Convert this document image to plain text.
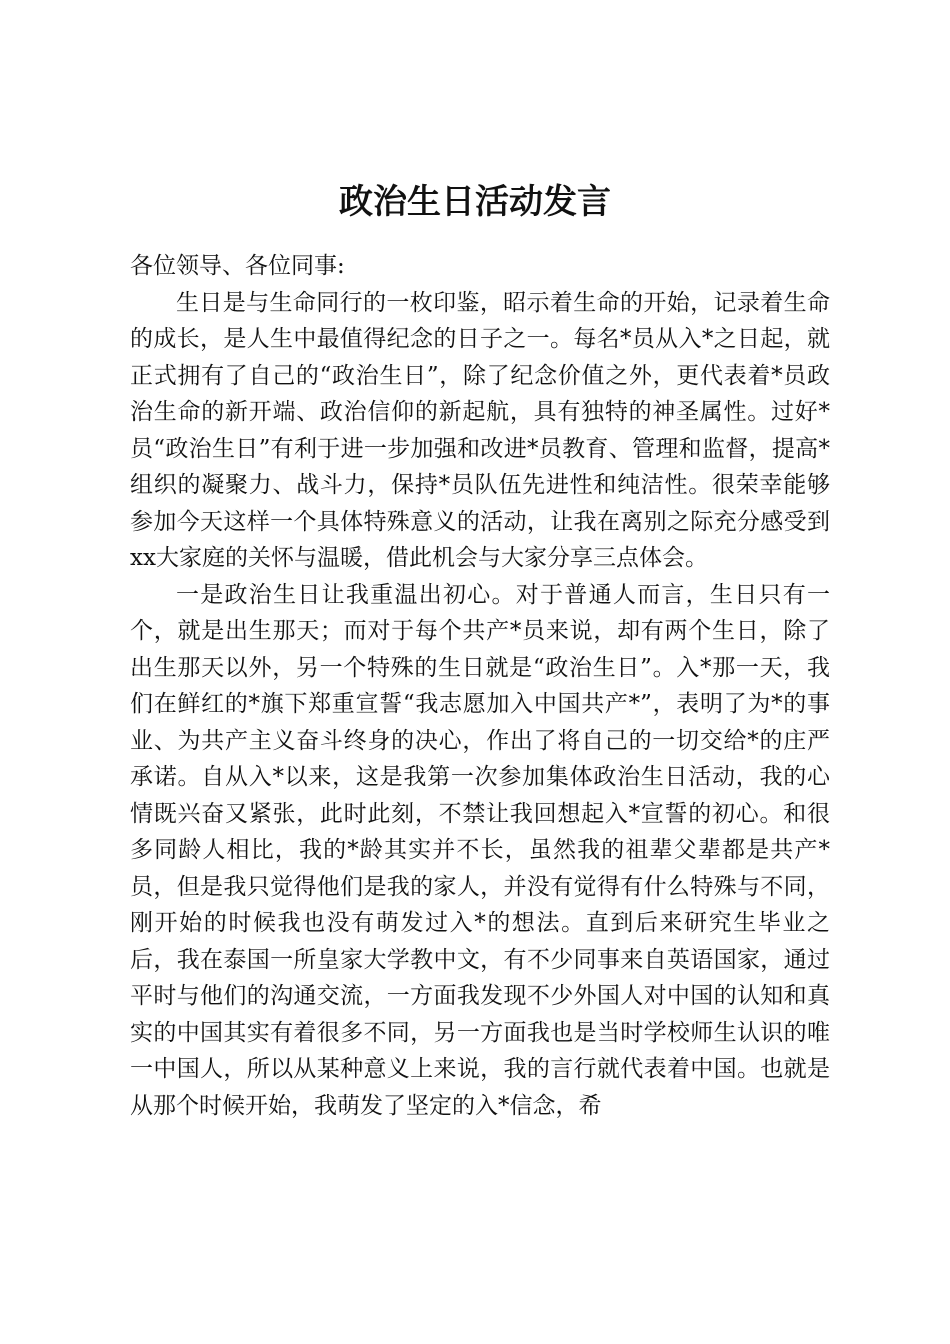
政治生日活动发言

各位领导、各位同事:

生日是与生命同行的一枚印鉴，昭示着生命的开始，记录着生命的成长，是人生中最值得纪念的日子之一。每名*员从入*之日起，就正式拥有了自己的“政治生日”，除了纪念价值之外，更代表着*员政治生命的新开端、政治信仰的新起航，具有独特的神圣属性。过好*员“政治生日”有利于进一步加强和改进*员教育、管理和监督，提高*组织的凝聚力、战斗力，保持*员队伍先进性和纯洁性。很荣幸能够参加今天这样一个具体特殊意义的活动，让我在离别之际充分感受到xx大家庭的关怀与温暖，借此机会与大家分享三点体会。

一是政治生日让我重温出初心。对于普通人而言，生日只有一个，就是出生那天；而对于每个共产*员来说，却有两个生日，除了出生那天以外，另一个特殊的生日就是“政治生日”。入*那一天，我们在鲜红的*旗下郑重宣誓“我志愿加入中国共产*”，表明了为*的事业、为共产主义奋斗终身的决心，作出了将自己的一切交给*的庄严承诺。自从入*以来，这是我第一次参加集体政治生日活动，我的心情既兴奋又紧张，此时此刻，不禁让我回想起入*宣誓的初心。和很多同龄人相比，我的*龄其实并不长，虽然我的祖辈父辈都是共产*员，但是我只觉得他们是我的家人，并没有觉得有什么特殊与不同，刚开始的时候我也没有萌发过入*的想法。直到后来研究生毕业之后，我在泰国一所皇家大学教中文，有不少同事来自英语国家，通过平时与他们的沟通交流，一方面我发现不少外国人对中国的认知和真实的中国其实有着很多不同，另一方面我也是当时学校师生认识的唯一中国人，所以从某种意义上来说，我的言行就代表着中国。也就是从那个时候开始，我萌发了坚定的入*信念，希
